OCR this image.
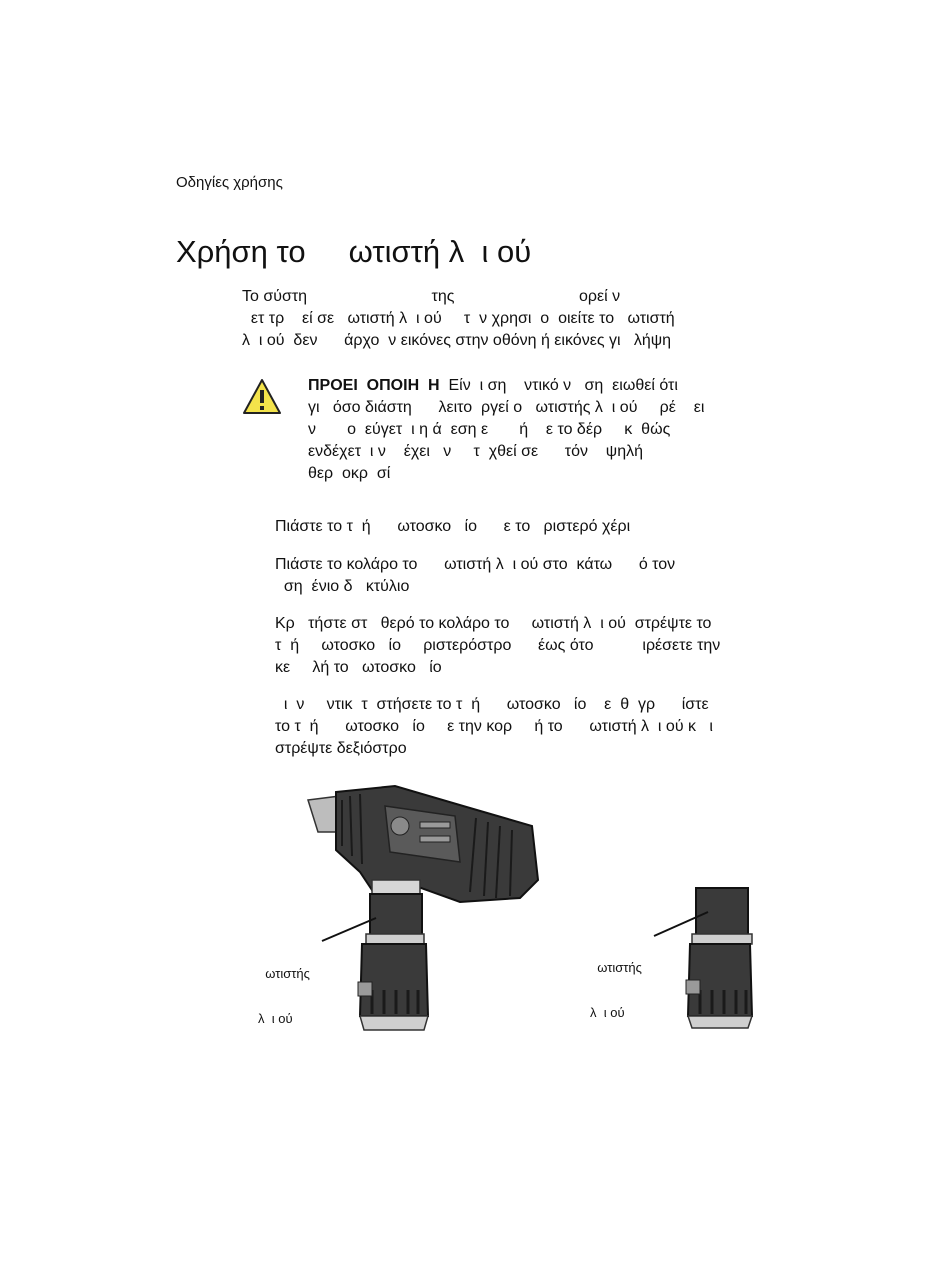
Οδηγίες χρήσης
Χρήση το     ωτιστή λ  ι ού
Το σύστη                            της                            ορεί ν
ετ τρ    εί σε   ωτιστή λ  ι ού     τ  ν χρησι  ο  οιείτε το   ωτιστή
λ  ι ού  δεν      άρχο  ν εικόνες στην οθόνη ή εικόνες γι   λήψη
ΠΡΟΕΙ  ΟΠΟΙΗ  Η  Είν  ι ση    ντικό ν   ση  ειωθεί ότι
γι   όσο διάστη      λειτο  ργεί ο   ωτιστής λ  ι ού     ρέ    ει
ν       ο  εύγετ  ι η ά  εση ε       ή    ε το δέρ     κ  θώς
ενδέχετ  ι ν    έχει   ν     τ  χθεί σε      τόν    ψηλή
θερ  οκρ  σί
Πιάστε το τ  ή      ωτοσκο   ίο      ε το   ριστερό χέρι
Πιάστε το κολάρο το      ωτιστή λ  ι ού στο  κάτω      ό τον
ση  ένιο δ   κτύλιο
Κρ   τήστε στ   θερό το κολάρο το     ωτιστή λ  ι ού  στρέψτε το
τ  ή     ωτοσκο   ίο     ριστερόστρο      έως ότο           ιρέσετε την
κε     λή το   ωτοσκο   ίο
ι  ν     ντικ  τ  στήσετε το τ  ή      ωτοσκο   ίο    ε  θ  γρ      ίστε
το τ  ή      ωτοσκο   ίο     ε την κορ     ή το      ωτιστή λ  ι ού κ   ι
στρέψτε δεξιόστρο

ωτιστής

λ  ι ού

ωτιστής

λ  ι ού
